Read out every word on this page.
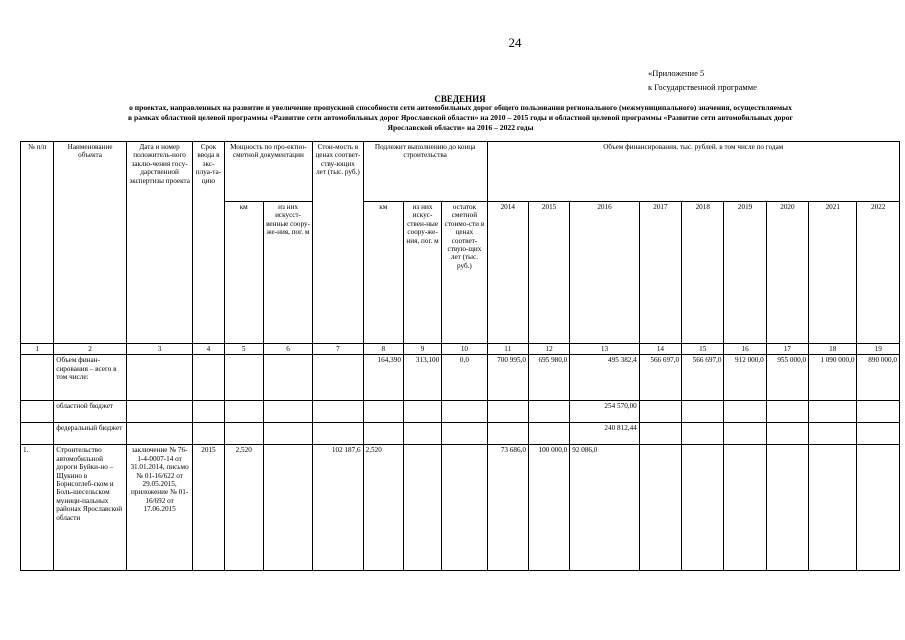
24
«Приложение 5
к Государственной программе
СВЕДЕНИЯ
о проектах, направленных на развитие и увеличение пропускной способности сети автомобильных дорог общего пользования регионального (межмуниципального) значения, осуществляемых
в рамках областной целевой программы «Развитие сети автомобильных дорог Ярославской области» на 2010 – 2015 годы и областной целевой программы «Развитие сети автомобильных дорог
Ярославской области» на 2016 – 2022 годы
№ п/п	Наименование объекта	Дата и номер положитель-ного заклю-чения госу-дарственной экспертизы проекта	Срок ввода в экс-плуа-та-цию	Мощность по про-ектно-сметной документации		Стои-мость в ценах соответ-ству-ющих лет (тыс. руб.)	Подлежит выполнению до конца строительства			Объем финансирования, тыс. рублей. в том числе по годам								
				км	из них искусст-венные соору-же-ния, пог. м		км	из них искус-ствен-ные соору-же-ния, пог. м	остаток сметной стоимо-сти в ценах соответ-ствую-щих лет (тыс. руб.)	2014	2015	2016	2017	2018	2019	2020	2021	2022
1	2	3	4	5	6	7	8	9	10	11	12	13	14	15	16	17	18	19
	Объем финан-сирования – всего в том числе:						164,390	313,100	0,0	700 995,0	695 980,0	495 382,4	566 697,0	566 697,0	912 000,0	955 000,0	1 090 000,0	890 000,0
	областной бюджет											254 570,00						
	федеральный бюджет											240 812,44						
1.	Строительство автомобильной дороги Буйки-но – Щукино в Борисоглеб-ском и Боль-шесельском муници-пальных районах Ярославской области	заключение № 76-1-4-0007-14 от 31.01.2014, письмо № 01-16/622 от 29.05.2015, приложение № 01-16/692 от 17.06.2015	2015	2,520		102 187,6	2,520			73 686,0	100 000,0	92 086,0						
